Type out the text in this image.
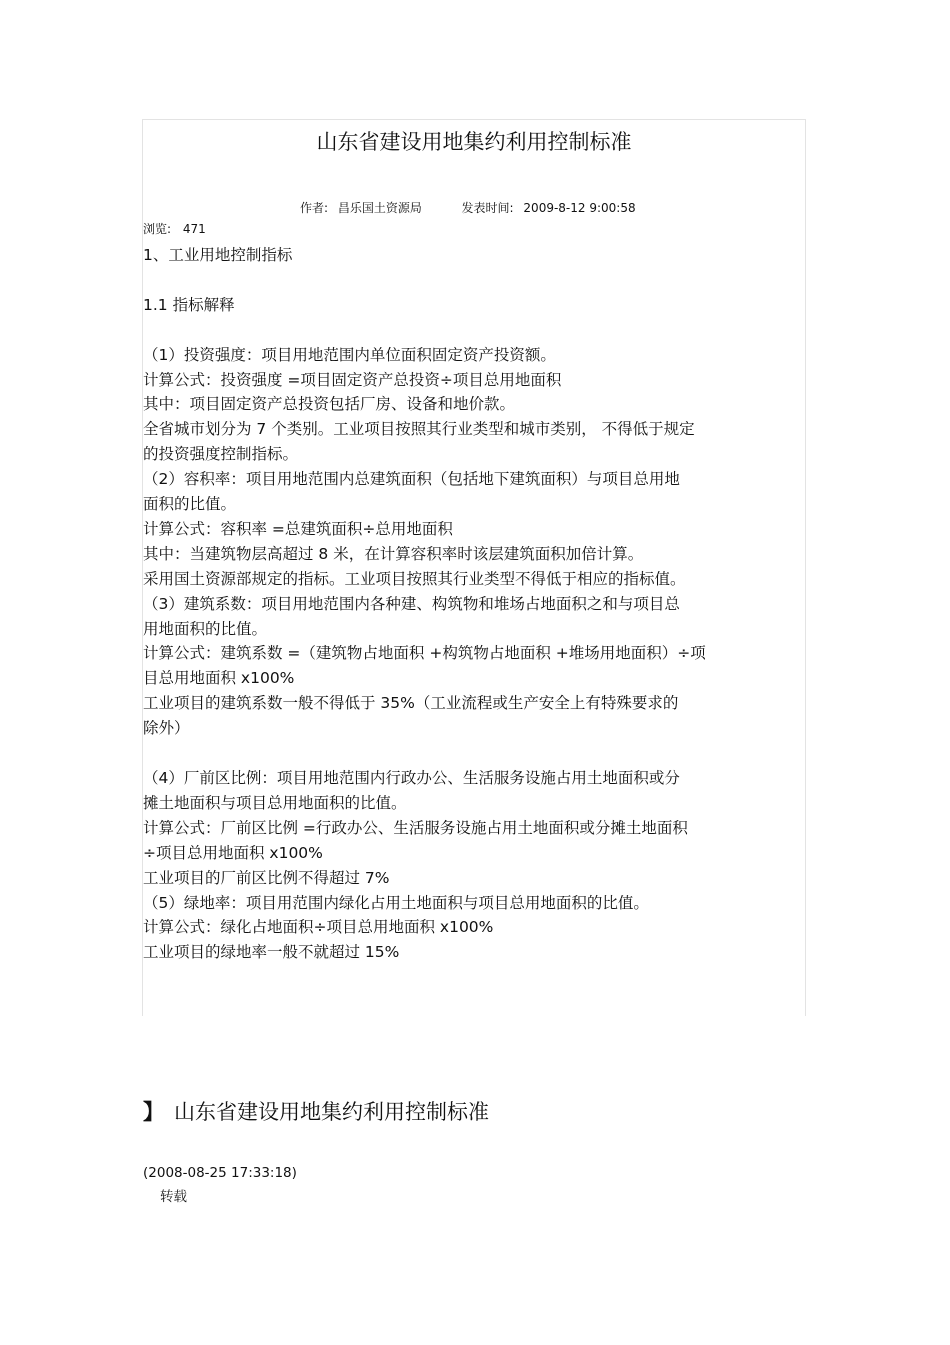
山东省建设用地集约利用控制标准
作者: 昌乐国土资源局	发表时间: 2009-8-12 9:00:58
浏览: 471

1、工业用地控制指标

1.1 指标解释

（1）投资强度：项目用地范围内单位面积固定资产投资额。

计算公式：投资强度 =项目固定资产总投资÷项目总用地面积

其中：项目固定资产总投资包括厂房、设备和地价款。

全省城市划分为 7 个类别。工业项目按照其行业类型和城市类别， 不得低于规定

的投资强度控制指标。

（2）容积率：项目用地范围内总建筑面积（包括地下建筑面积）与项目总用地

面积的比值。

计算公式：容积率 =总建筑面积÷总用地面积

其中：当建筑物层高超过 8 米，在计算容积率时该层建筑面积加倍计算。

采用国土资源部规定的指标。工业项目按照其行业类型不得低于相应的指标值。

（3）建筑系数：项目用地范围内各种建、构筑物和堆场占地面积之和与项目总

用地面积的比值。

计算公式：建筑系数 =（建筑物占地面积 +构筑物占地面积 +堆场用地面积）÷项

目总用地面积 x100%

工业项目的建筑系数一般不得低于 35%（工业流程或生产安全上有特殊要求的

除外）

（4）厂前区比例：项目用地范围内行政办公、生活服务设施占用土地面积或分

摊土地面积与项目总用地面积的比值。

计算公式：厂前区比例 =行政办公、生活服务设施占用土地面积或分摊土地面积

÷项目总用地面积 x100%

工业项目的厂前区比例不得超过 7%

（5）绿地率：项目用范围内绿化占用土地面积与项目总用地面积的比值。

计算公式：绿化占地面积÷项目总用地面积 x100%

工业项目的绿地率一般不就超过 15%

】 山东省建设用地集约利用控制标准
(2008-08-25 17:33:18)
转载
